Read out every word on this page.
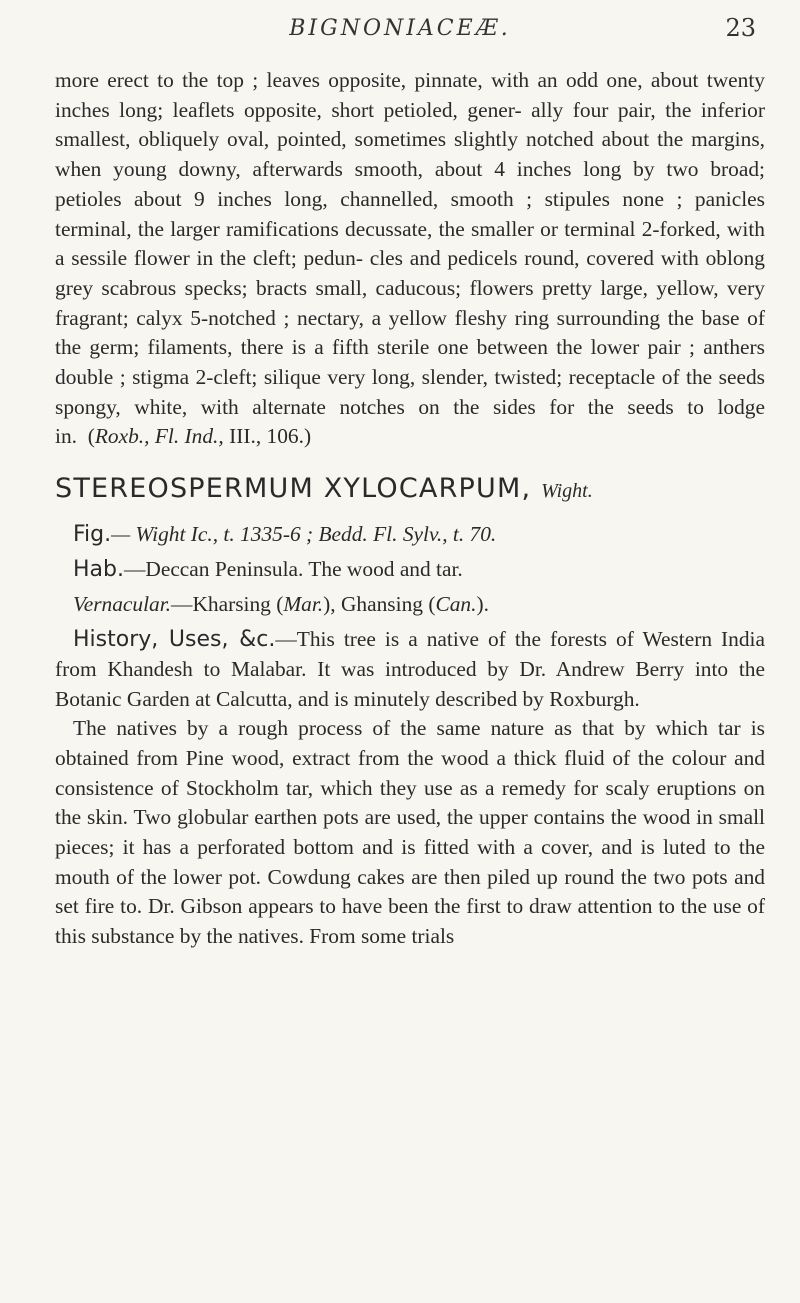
BIGNONIACEÆ.	23

more erect to the top ; leaves opposite, pinnate, with an odd one, about twenty inches long; leaflets opposite, short petioled, gener- ally four pair, the inferior smallest, obliquely oval, pointed, sometimes slightly notched about the margins, when young downy, afterwards smooth, about 4 inches long by two broad; petioles about 9 inches long, channelled, smooth ; stipules none ; panicles terminal, the larger ramifications decussate, the smaller or terminal 2-forked, with a sessile flower in the cleft; pedun- cles and pedicels round, covered with oblong grey scabrous specks; bracts small, caducous; flowers pretty large, yellow, very fragrant; calyx 5-notched ; nectary, a yellow fleshy ring surrounding the base of the germ; filaments, there is a fifth sterile one between the lower pair ; anthers double ; stigma 2-cleft; silique very long, slender, twisted; receptacle of the seeds spongy, white, with alternate notches on the sides for the seeds to lodge in. (Roxb., Fl. Ind., III., 106.)

STEREOSPERMUM XYLOCARPUM, Wight.

Fig.— Wight Ic., t. 1335-6 ; Bedd. Fl. Sylv., t. 70.

Hab.—Deccan Peninsula. The wood and tar.

Vernacular.—Kharsing (Mar.), Ghansing (Can.).

History, Uses, &c.—This tree is a native of the forests of Western India from Khandesh to Malabar. It was introduced by Dr. Andrew Berry into the Botanic Garden at Calcutta, and is minutely described by Roxburgh.

The natives by a rough process of the same nature as that by which tar is obtained from Pine wood, extract from the wood a thick fluid of the colour and consistence of Stockholm tar, which they use as a remedy for scaly eruptions on the skin. Two globular earthen pots are used, the upper contains the wood in small pieces; it has a perforated bottom and is fitted with a cover, and is luted to the mouth of the lower pot. Cowdung cakes are then piled up round the two pots and set fire to. Dr. Gibson appears to have been the first to draw attention to the use of this substance by the natives. From some trials
